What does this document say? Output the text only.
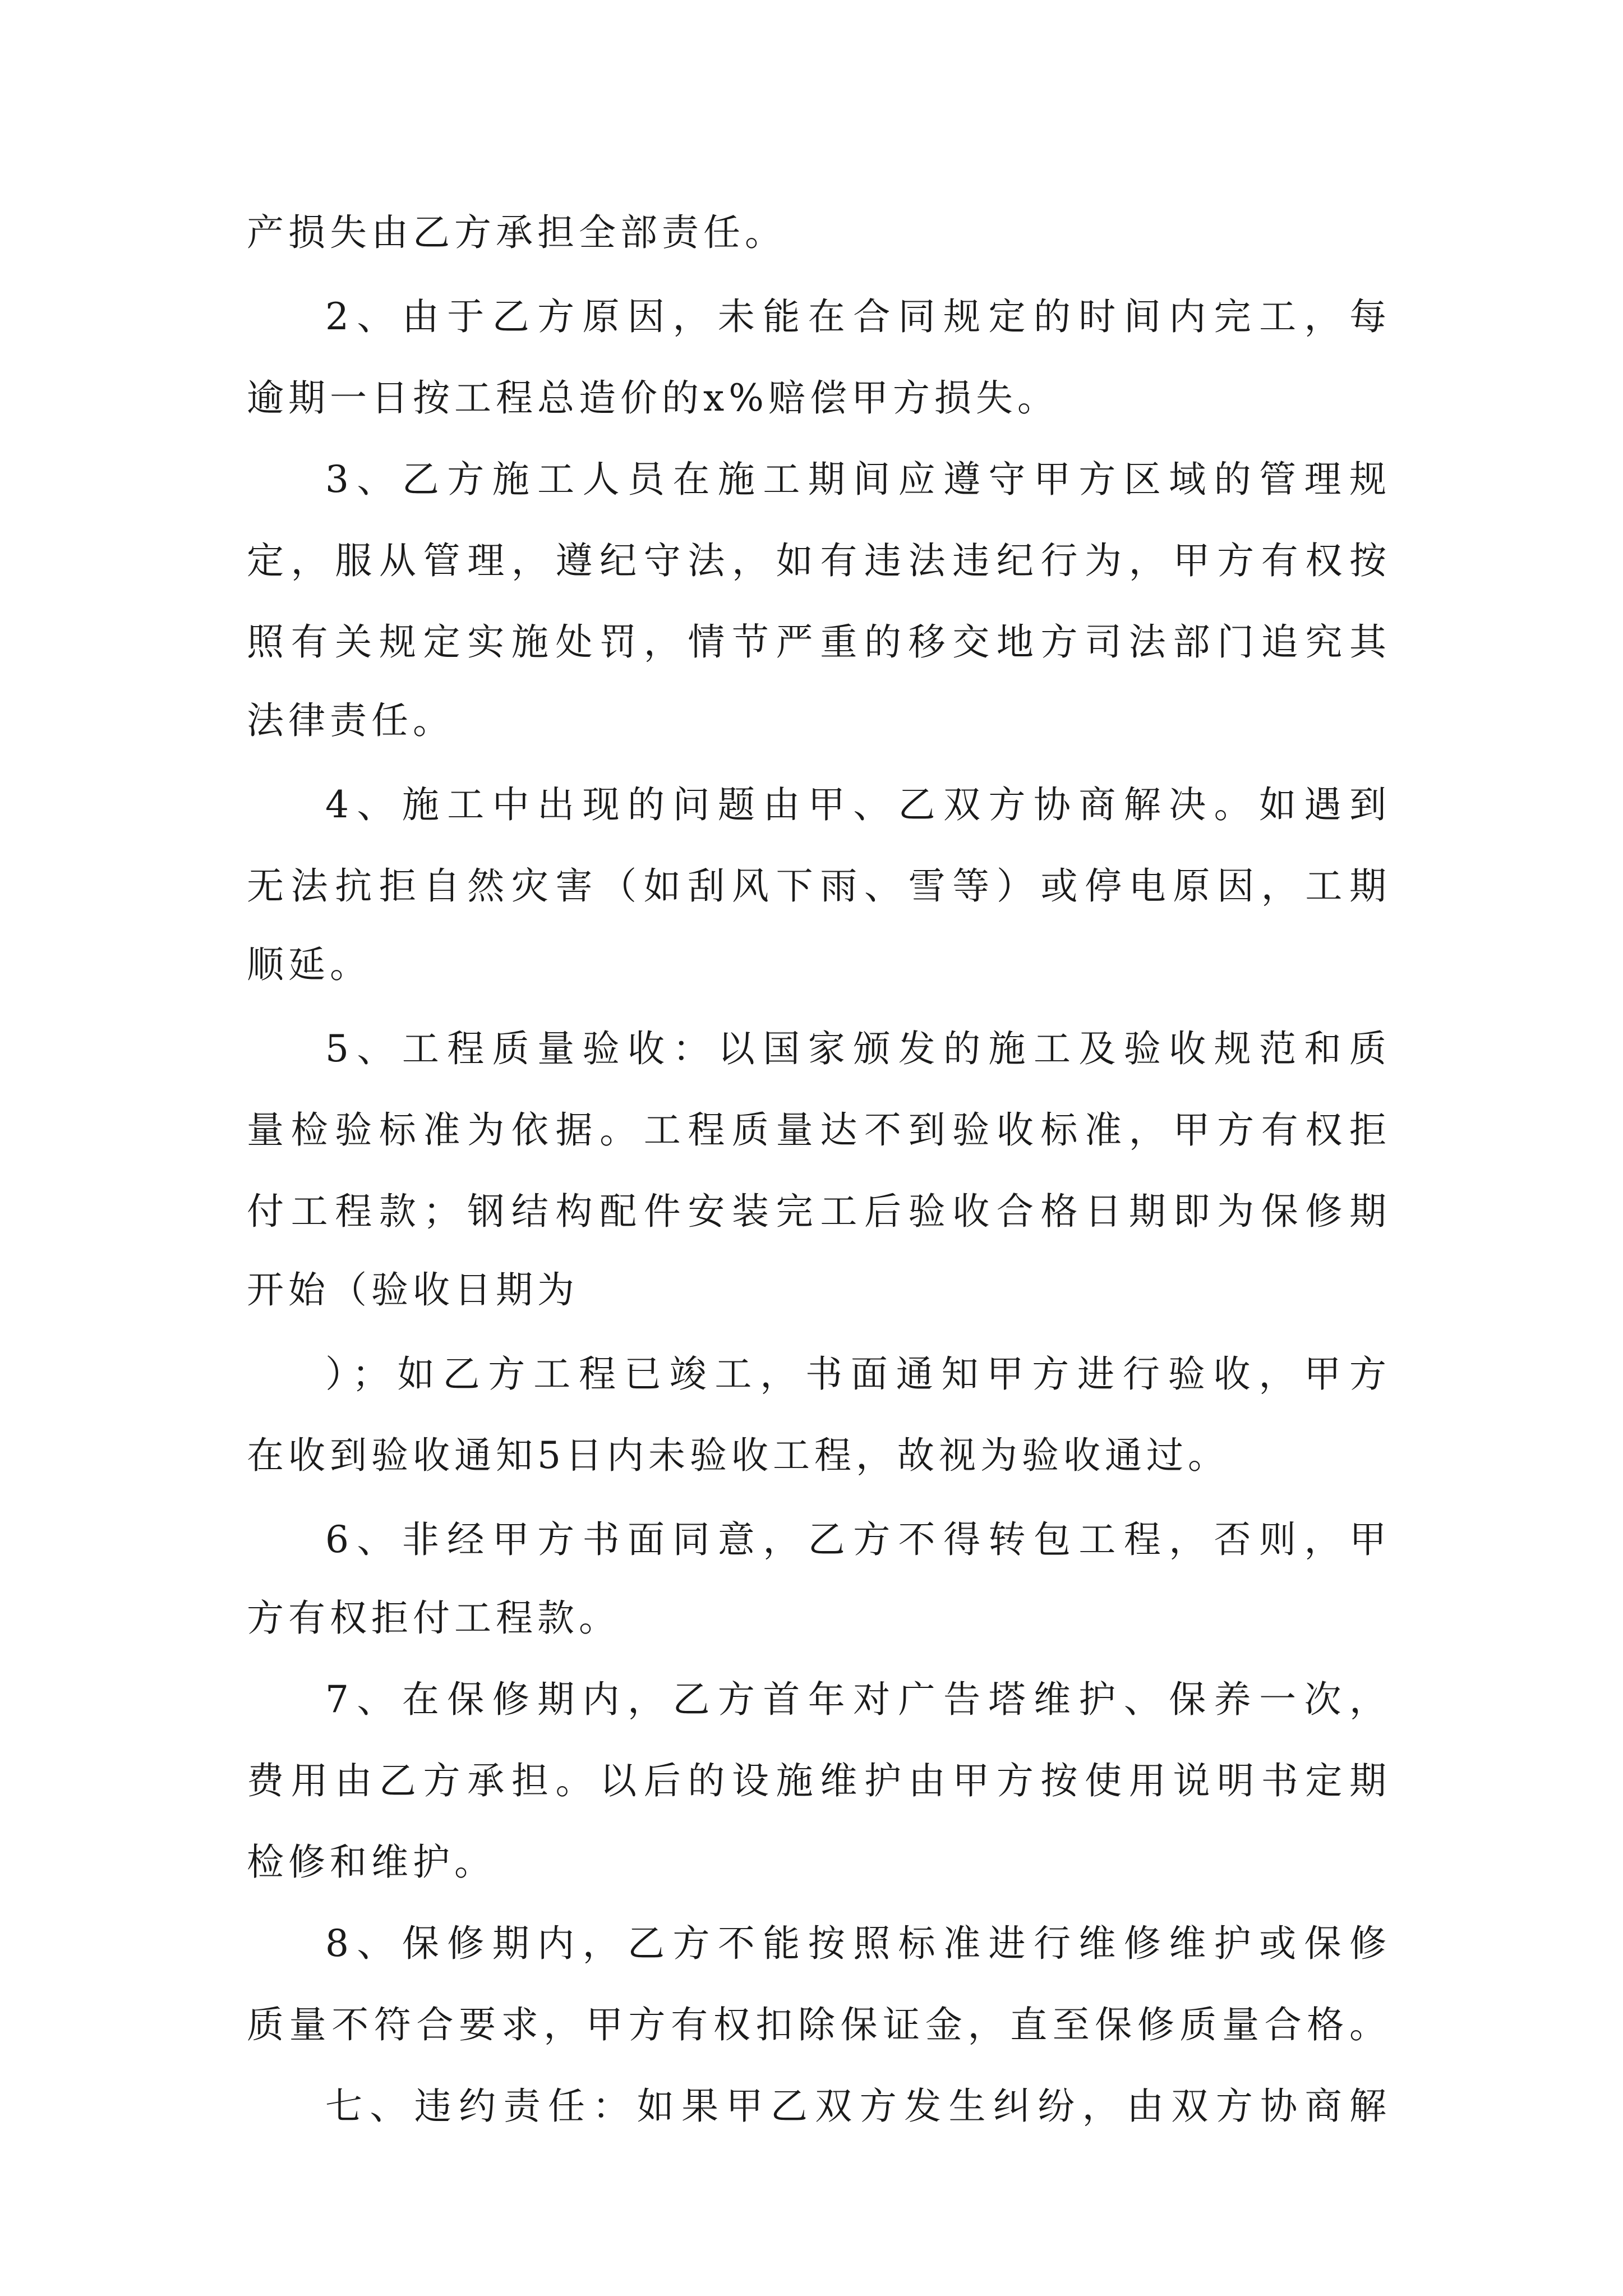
产损失由乙方承担全部责任。
2、由于乙方原因，未能在合同规定的时间内完工，每
逾期一日按工程总造价的x%赔偿甲方损失。
3、乙方施工人员在施工期间应遵守甲方区域的管理规
定，服从管理，遵纪守法，如有违法违纪行为，甲方有权按
照有关规定实施处罚，情节严重的移交地方司法部门追究其
法律责任。
4、施工中出现的问题由甲、乙双方协商解决。如遇到
无法抗拒自然灾害（如刮风下雨、雪等）或停电原因，工期
顺延。
5、工程质量验收：以国家颁发的施工及验收规范和质
量检验标准为依据。工程质量达不到验收标准，甲方有权拒
付工程款；钢结构配件安装完工后验收合格日期即为保修期
开始（验收日期为
）；如乙方工程已竣工，书面通知甲方进行验收，甲方
在收到验收通知5日内未验收工程，故视为验收通过。
6、非经甲方书面同意，乙方不得转包工程，否则，甲
方有权拒付工程款。
7、在保修期内，乙方首年对广告塔维护、保养一次，
费用由乙方承担。以后的设施维护由甲方按使用说明书定期
检修和维护。
8、保修期内，乙方不能按照标准进行维修维护或保修
质量不符合要求，甲方有权扣除保证金，直至保修质量合格。
七、违约责任：如果甲乙双方发生纠纷，由双方协商解
